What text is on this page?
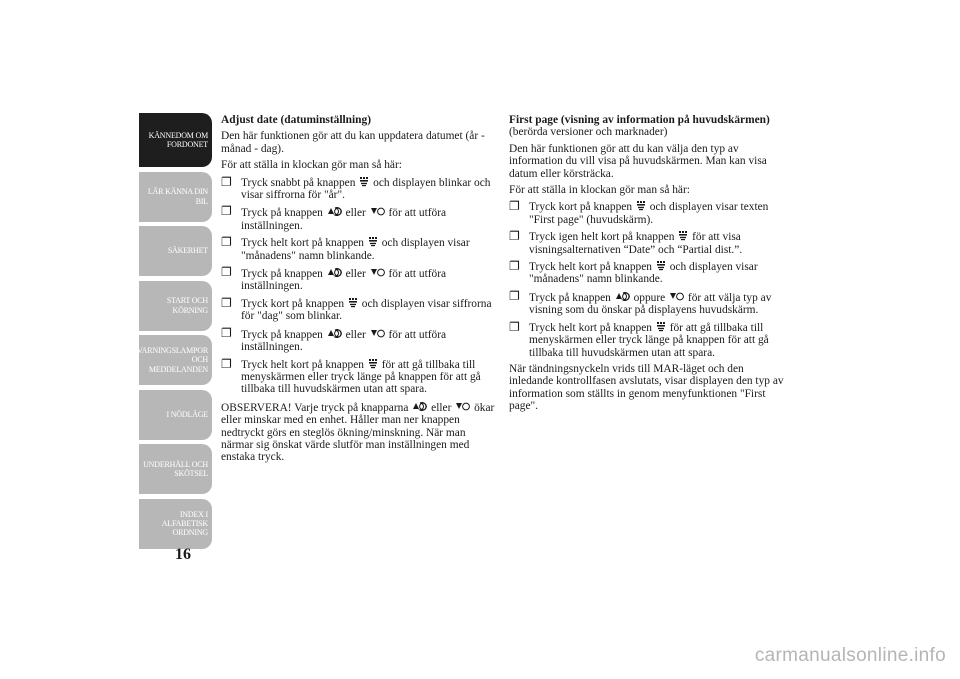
KÄNNEDOM OM
FORDONET
LÄR KÄNNA DIN
BIL
SÄKERHET
START OCH
KÖRNING
VARNINGSLAMPOR
OCH
MEDDELANDEN
I NÖDLÄGE
UNDERHÅLL OCH
SKÖTSEL
INDEX I
ALFABETISK
ORDNING
16

Adjust date (datuminställning)

Den här funktionen gör att du kan uppdatera datumet (år - månad - dag).

För att ställa in klockan gör man så här:

❐ Tryck snabbt på knappen och displayen blinkar och visar siffrorna för "år".
❐ Tryck på knappen eller för att utföra inställningen.
❐ Tryck helt kort på knappen och displayen visar "månadens" namn blinkande.
❐ Tryck på knappen eller för att utföra inställningen.
❐ Tryck kort på knappen och displayen visar siffrorna för "dag" som blinkar.
❐ Tryck på knappen eller för att utföra inställningen.
❐ Tryck helt kort på knappen för att gå tillbaka till menyskärmen eller tryck länge på knappen för att gå tillbaka till huvudskärmen utan att spara.

OBSERVERA! Varje tryck på knapparna eller ökar eller minskar med en enhet. Håller man ner knappen nedtryckt görs en steglös ökning/minskning. När man närmar sig önskat värde slutför man inställningen med enstaka tryck.

First page (visning av information på huvudskärmen)(berörda versioner och marknader)

Den här funktionen gör att du kan välja den typ av information du vill visa på huvudskärmen. Man kan visa datum eller körsträcka.

För att ställa in klockan gör man så här:

❐ Tryck kort på knappen och displayen visar texten "First page" (huvudskärm).
❐ Tryck igen helt kort på knappen för att visa visningsalternativen “Date” och “Partial dist.”.
❐ Tryck helt kort på knappen och displayen visar "månadens" namn blinkande.
❐ Tryck på knappen oppure för att välja typ av visning som du önskar på displayens huvudskärm.
❐ Tryck helt kort på knappen för att gå tillbaka till menyskärmen eller tryck länge på knappen för att gå tillbaka till huvudskärmen utan att spara.

När tändningsnyckeln vrids till MAR-läget och den inledande kontrollfasen avslutats, visar displayen den typ av information som ställts in genom menyfunktionen "First page".

carmanualsonline.info
